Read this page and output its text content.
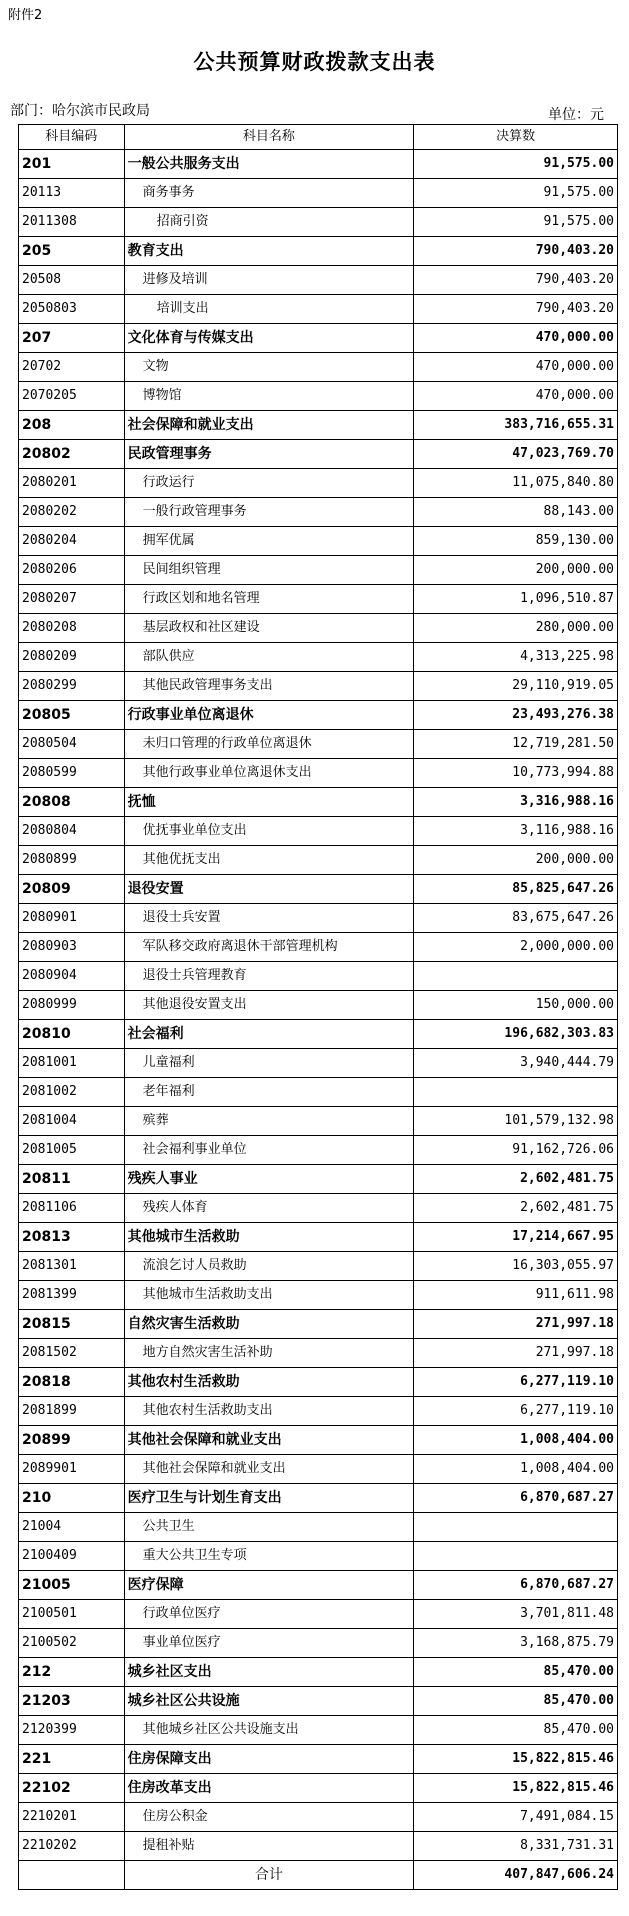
附件2
公共预算财政拨款支出表
部门：哈尔滨市民政局	单位：元
科目编码	科目名称	决算数
201	一般公共服务支出	91,575.00
20113	商务事务	91,575.00
2011308	招商引资	91,575.00
205	教育支出	790,403.20
20508	进修及培训	790,403.20
2050803	培训支出	790,403.20
207	文化体育与传媒支出	470,000.00
20702	文物	470,000.00
2070205	博物馆	470,000.00
208	社会保障和就业支出	383,716,655.31
20802	民政管理事务	47,023,769.70
2080201	行政运行	11,075,840.80
2080202	一般行政管理事务	88,143.00
2080204	拥军优属	859,130.00
2080206	民间组织管理	200,000.00
2080207	行政区划和地名管理	1,096,510.87
2080208	基层政权和社区建设	280,000.00
2080209	部队供应	4,313,225.98
2080299	其他民政管理事务支出	29,110,919.05
20805	行政事业单位离退休	23,493,276.38
2080504	未归口管理的行政单位离退休	12,719,281.50
2080599	其他行政事业单位离退休支出	10,773,994.88
20808	抚恤	3,316,988.16
2080804	优抚事业单位支出	3,116,988.16
2080899	其他优抚支出	200,000.00
20809	退役安置	85,825,647.26
2080901	退役士兵安置	83,675,647.26
2080903	军队移交政府离退休干部管理机构	2,000,000.00
2080904	退役士兵管理教育	
2080999	其他退役安置支出	150,000.00
20810	社会福利	196,682,303.83
2081001	儿童福利	3,940,444.79
2081002	老年福利	
2081004	殡葬	101,579,132.98
2081005	社会福利事业单位	91,162,726.06
20811	残疾人事业	2,602,481.75
2081106	残疾人体育	2,602,481.75
20813	其他城市生活救助	17,214,667.95
2081301	流浪乞讨人员救助	16,303,055.97
2081399	其他城市生活救助支出	911,611.98
20815	自然灾害生活救助	271,997.18
2081502	地方自然灾害生活补助	271,997.18
20818	其他农村生活救助	6,277,119.10
2081899	其他农村生活救助支出	6,277,119.10
20899	其他社会保障和就业支出	1,008,404.00
2089901	其他社会保障和就业支出	1,008,404.00
210	医疗卫生与计划生育支出	6,870,687.27
21004	公共卫生	
2100409	重大公共卫生专项	
21005	医疗保障	6,870,687.27
2100501	行政单位医疗	3,701,811.48
2100502	事业单位医疗	3,168,875.79
212	城乡社区支出	85,470.00
21203	城乡社区公共设施	85,470.00
2120399	其他城乡社区公共设施支出	85,470.00
221	住房保障支出	15,822,815.46
22102	住房改革支出	15,822,815.46
2210201	住房公积金	7,491,084.15
2210202	提租补贴	8,331,731.31
	合计	407,847,606.24
